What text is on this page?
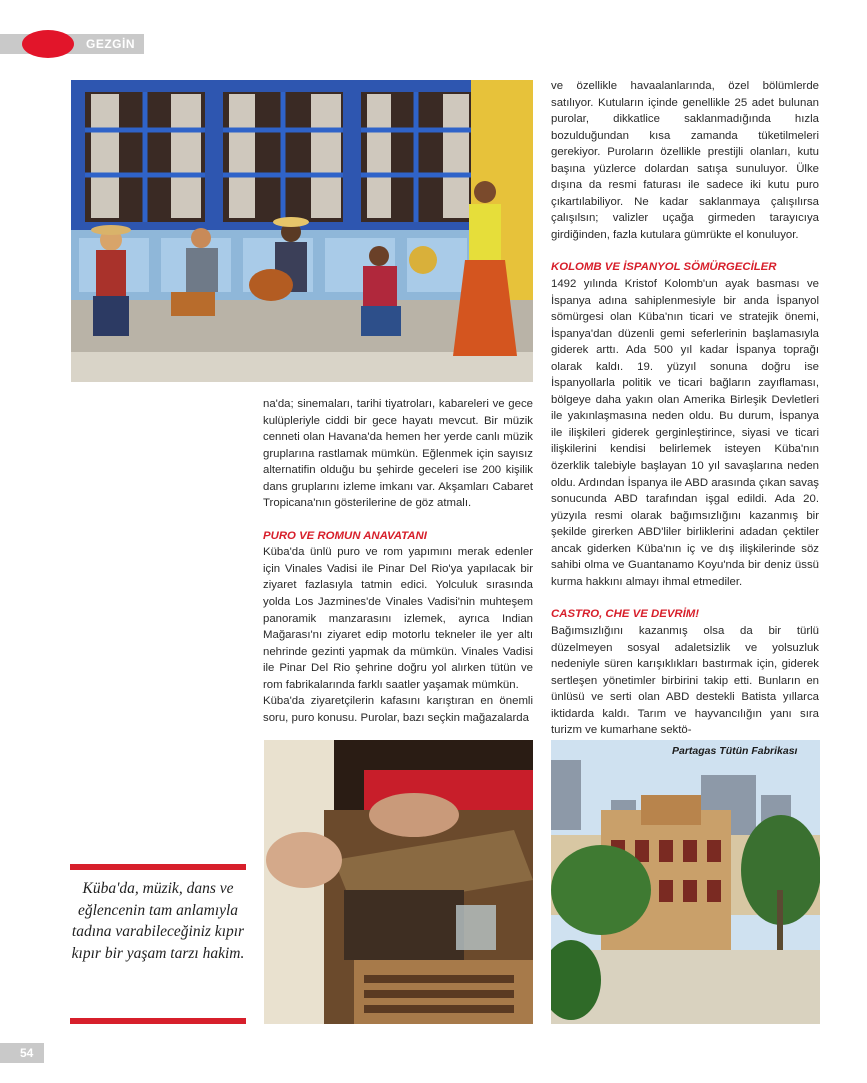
GEZGİN

na'da; sinemaları, tarihi tiyatroları, kabareleri ve gece kulüpleriyle ciddi bir gece hayatı mevcut. Bir müzik cenneti olan Havana'da hemen her yerde canlı müzik gruplarına rastlamak mümkün. Eğlenmek için sayısız alternatifin olduğu bu şehirde geceleri ise 200 kişilik dans gruplarını izleme imkanı var. Akşamları Cabaret Tropicana'nın gösterilerine de göz atmalı.

PURO VE ROMUN ANAVATANI

Küba'da ünlü puro ve rom yapımını merak edenler için Vinales Vadisi ile Pinar Del Rio'ya yapılacak bir ziyaret fazlasıyla tatmin edici. Yolculuk sırasında yolda Los Jazmines'de Vinales Vadisi'nin muhteşem panoramik manzarasını izlemek, ayrıca Indian Mağarası'nı ziyaret edip motorlu tekneler ile yer altı nehrinde gezinti yapmak da mümkün. Vinales Vadisi ile Pinar Del Rio şehrine doğru yol alırken tütün ve rom fabrikalarında farklı saatler yaşamak mümkün.

Küba'da ziyaretçilerin kafasını karıştıran en önemli soru, puro konusu. Purolar, bazı seçkin mağazalarda

ve özellikle havaalanlarında, özel bölümlerde satılıyor. Kutuların içinde genellikle 25 adet bulunan purolar, dikkatlice saklanmadığında hızla bozulduğundan kısa zamanda tüketilmeleri gerekiyor. Puroların özellikle prestijli olanları, kutu başına yüzlerce dolardan satışa sunuluyor. Ülke dışına da resmi faturası ile sadece iki kutu puro çıkartılabiliyor. Ne kadar saklanmaya çalışılırsa çalışılsın; valizler uçağa girmeden tarayıcıya girdiğinden, fazla kutulara gümrükte el konuluyor.

KOLOMB VE İSPANYOL SÖMÜRGECİLER

1492 yılında Kristof Kolomb'un ayak basması ve İspanya adına sahiplenmesiyle bir anda İspanyol sömürgesi olan Küba'nın ticari ve stratejik önemi, İspanya'dan düzenli gemi seferlerinin başlamasıyla giderek arttı. Ada 500 yıl kadar İspanya toprağı olarak kaldı. 19. yüzyıl sonuna doğru ise İspanyollarla politik ve ticari bağların zayıflaması, bölgeye daha yakın olan Amerika Birleşik Devletleri ile yakınlaşmasına neden oldu. Bu durum, İspanya ile ilişkileri giderek gerginleştirince, siyasi ve ticari ilişkilerini kendisi belirlemek isteyen Küba'nın özerklik talebiyle başlayan 10 yıl savaşlarına neden oldu. Ardından İspanya ile ABD arasında çıkan savaş sonucunda ABD tarafından işgal edildi. Ada 20. yüzyıla resmi olarak bağımsızlığını kazanmış bir şekilde girerken ABD'liler birliklerini adadan çektiler ancak giderken Küba'nın iç ve dış ilişkilerinde söz sahibi olma ve Guantanamo Koyu'nda bir deniz üssü kurma hakkını almayı ihmal etmediler.

CASTRO, CHE VE DEVRİM!

Bağımsızlığını kazanmış olsa da bir türlü düzelmeyen sosyal adaletsizlik ve yolsuzluk nedeniyle süren karışıklıkları bastırmak için, giderek sertleşen yönetimler birbirini takip etti. Bunların en ünlüsü ve serti olan ABD destekli Batista yıllarca iktidarda kaldı. Tarım ve hayvancılığın yanı sıra turizm ve kumarhane sektö-

Partagas Tütün Fabrikası
Küba'da, müzik, dans ve eğlencenin tam anlamıyla tadına varabileceğiniz kıpır kıpır bir yaşam tarzı hakim.
54
